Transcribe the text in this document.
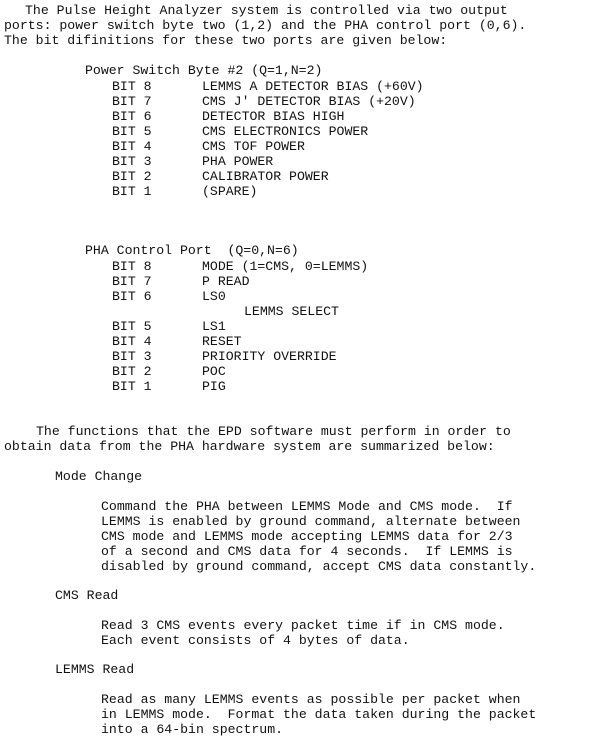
The Pulse Height Analyzer system is controlled via two output
ports: power switch byte two (1,2) and the PHA control port (0,6).
The bit difinitions for these two ports are given below:
Power Switch Byte #2 (Q=1,N=2)
BIT 8	LEMMS A DETECTOR BIAS (+60V)
BIT 7	CMS J' DETECTOR BIAS (+20V)
BIT 6	DETECTOR BIAS HIGH
BIT 5	CMS ELECTRONICS POWER
BIT 4	CMS TOF POWER
BIT 3	PHA POWER
BIT 2	CALIBRATOR POWER
BIT 1	(SPARE)
PHA Control Port  (Q=0,N=6)
BIT 8	MODE (1=CMS, 0=LEMMS)
BIT 7	P READ
BIT 6	LS0
LEMMS SELECT
BIT 5	LS1
BIT 4	RESET
BIT 3	PRIORITY OVERRIDE
BIT 2	POC
BIT 1	PIG
The functions that the EPD software must perform in order to
obtain data from the PHA hardware system are summarized below:
Mode Change
Command the PHA between LEMMS Mode and CMS mode.  If
LEMMS is enabled by ground command, alternate between
CMS mode and LEMMS mode accepting LEMMS data for 2/3
of a second and CMS data for 4 seconds.  If LEMMS is
disabled by ground command, accept CMS data constantly.
CMS Read
Read 3 CMS events every packet time if in CMS mode.
Each event consists of 4 bytes of data.
LEMMS Read
Read as many LEMMS events as possible per packet when
in LEMMS mode.  Format the data taken during the packet
into a 64-bin spectrum.
